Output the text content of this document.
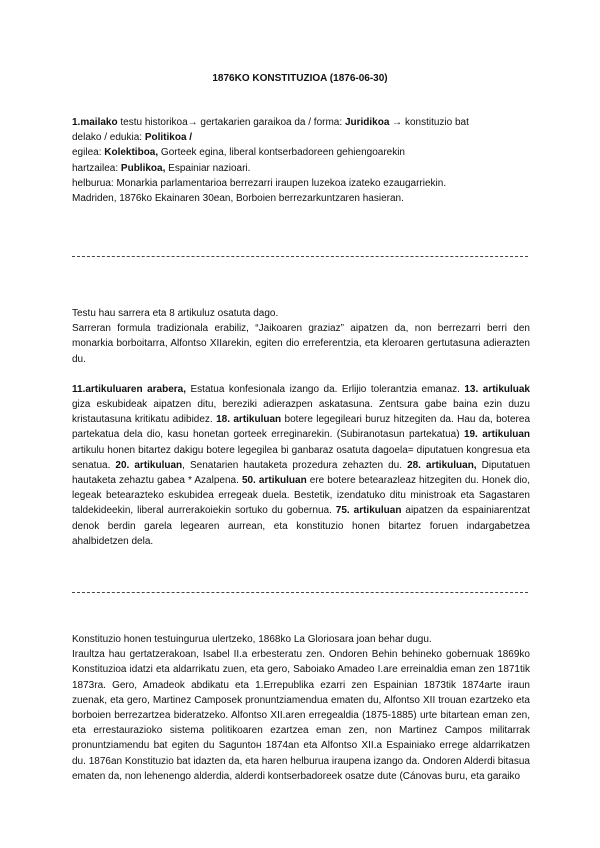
1876KO KONSTITUZIOA (1876-06-30)

1.mailako testu historikoa→ gertakarien garaikoa da / forma: Juridikoa → konstituzio bat

delako / edukia: Politikoa /

egilea: Kolektiboa, Gorteek egina, liberal kontserbadoreen gehiengoarekin

hartzailea: Publikoa, Espainiar nazioari.

helburua: Monarkia parlamentarioa berrezarri iraupen luzekoa izateko ezaugarriekin.

Madriden, 1876ko Ekainaren 30ean, Borboien berrezarkuntzaren hasieran.

Testu hau sarrera eta 8 artikuluz osatuta dago.

Sarreran formula tradizionala erabiliz, “Jaikoaren graziaz” aipatzen da, non berrezarri berri den monarkia borboitarra, Alfontso XIIarekin, egiten dio erreferentzia, eta kleroaren gertutasuna adierazten du.

11.artikuluaren arabera, Estatua konfesionala izango da. Erlijio tolerantzia emanaz. 13. artikuluak giza eskubideak aipatzen ditu, bereziki adierazpen askatasuna. Zentsura gabe baina ezin duzu kristautasuna kritikatu adibidez. 18. artikuluan botere legegileari buruz hitzegiten da. Hau da, boterea partekatua dela dio, kasu honetan gorteek erreginarekin. (Subiranotasun partekatua) 19. artikuluan artikulu honen bitartez dakigu botere legegilea bi ganbaraz osatuta dagoela= diputatuen kongresua eta senatua. 20. artikuluan, Senatarien hautaketa prozedura zehazten du. 28. artikuluan, Diputatuen hautaketa zehaztu gabea * Azalpena. 50. artikuluan ere botere betearazleaz hitzegiten du. Honek dio, legeak betearazteko eskubidea erregeak duela. Bestetik, izendatuko ditu ministroak eta Sagastaren taldekideekin, liberal aurrerakoiekin sortuko du gobernua. 75. artikuluan aipatzen da espainiarentzat denok berdin garela legearen aurrean, eta konstituzio honen bitartez foruen indargabetzea ahalbidetzen dela.

Konstituzio honen testuingurua ulertzeko, 1868ko La Gloriosara joan behar dugu.

Iraultza hau gertatzerakoan, Isabel II.a erbesteratu zen. Ondoren Behin behineko gobernuak 1869ko Konstituzioa idatzi eta aldarrikatu zuen, eta gero, Saboiako Amadeo I.are erreinaldia eman zen 1871tik 1873ra. Gero, Amadeok abdikatu eta 1.Errepublika ezarri zen Espainian 1873tik 1874arte iraun zuenak, eta gero, Martinez Camposek pronuntziamendua ematen du, Alfontso XII trouan ezartzeko eta borboien berrezartzea bideratzeko. Alfontso XII.aren erregealdia (1875-1885) urte bitartean eman zen, eta errestaurazioko sistema politikoaren ezartzea eman zen, non Martinez Campos militarrak pronuntziamendu bat egiten du Saguntoн 1874an eta Alfontso XII.a Espainiako errege aldarrikatzen du. 1876an Konstituzio bat idazten da, eta haren helburua iraupena izango da. Ondoren Alderdi bitasua ematen da, non lehenengo alderdia, alderdi kontserbadoreek osatze dute (Cánovas buru, eta garaiko
